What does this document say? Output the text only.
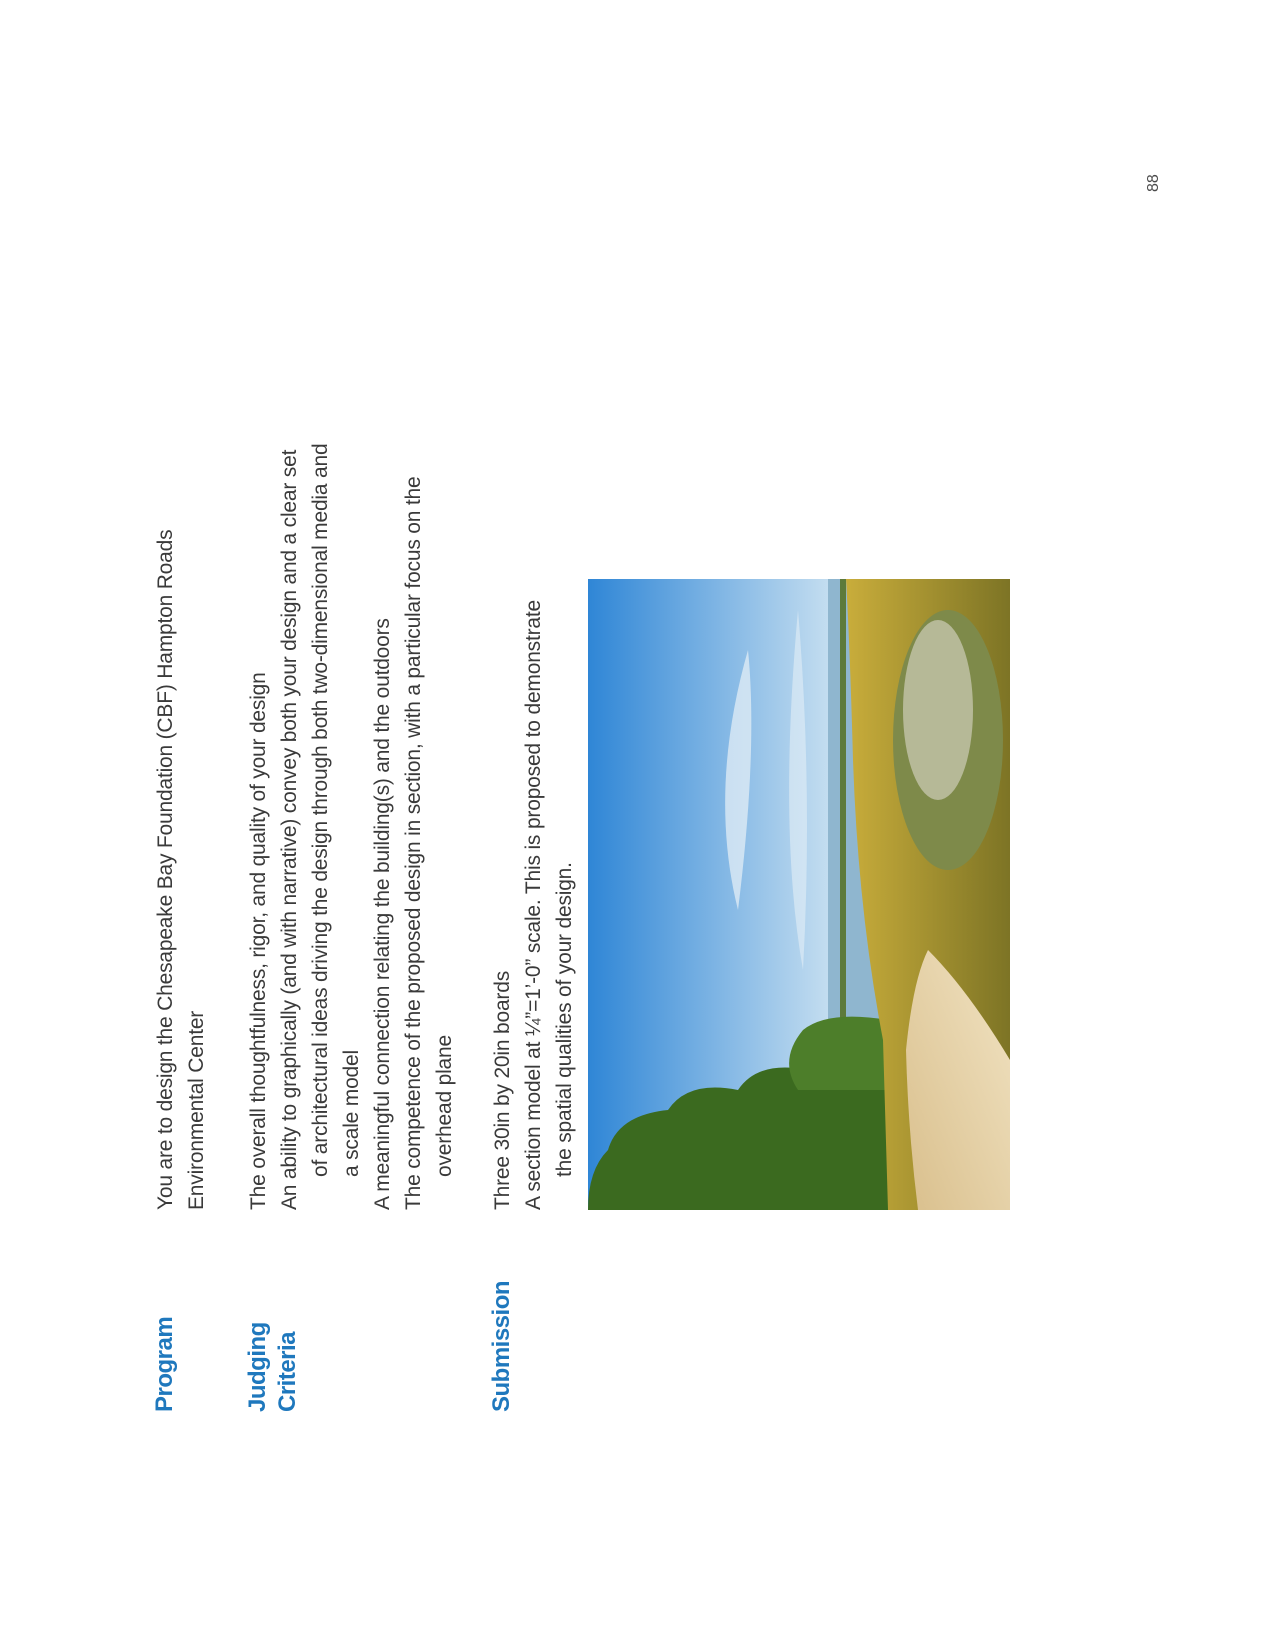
Program

You are to design the Chesapeake Bay Foundation (CBF) Hampton Roads Environmental Center

Judging Criteria

The overall thoughtfulness, rigor, and quality of your design An ability to graphically (and with narrative) convey both your design and a clear set of architectural ideas driving the design through both two-dimensional media and a scale model A meaningful connection relating the building(s) and the outdoors The competence of the proposed design in section, with a particular focus on the overhead plane

Submission

Three 30in by 20in boards A section model at ¼”=1’-0” scale. This is proposed to demonstrate the spatial qualities of your design.

88
